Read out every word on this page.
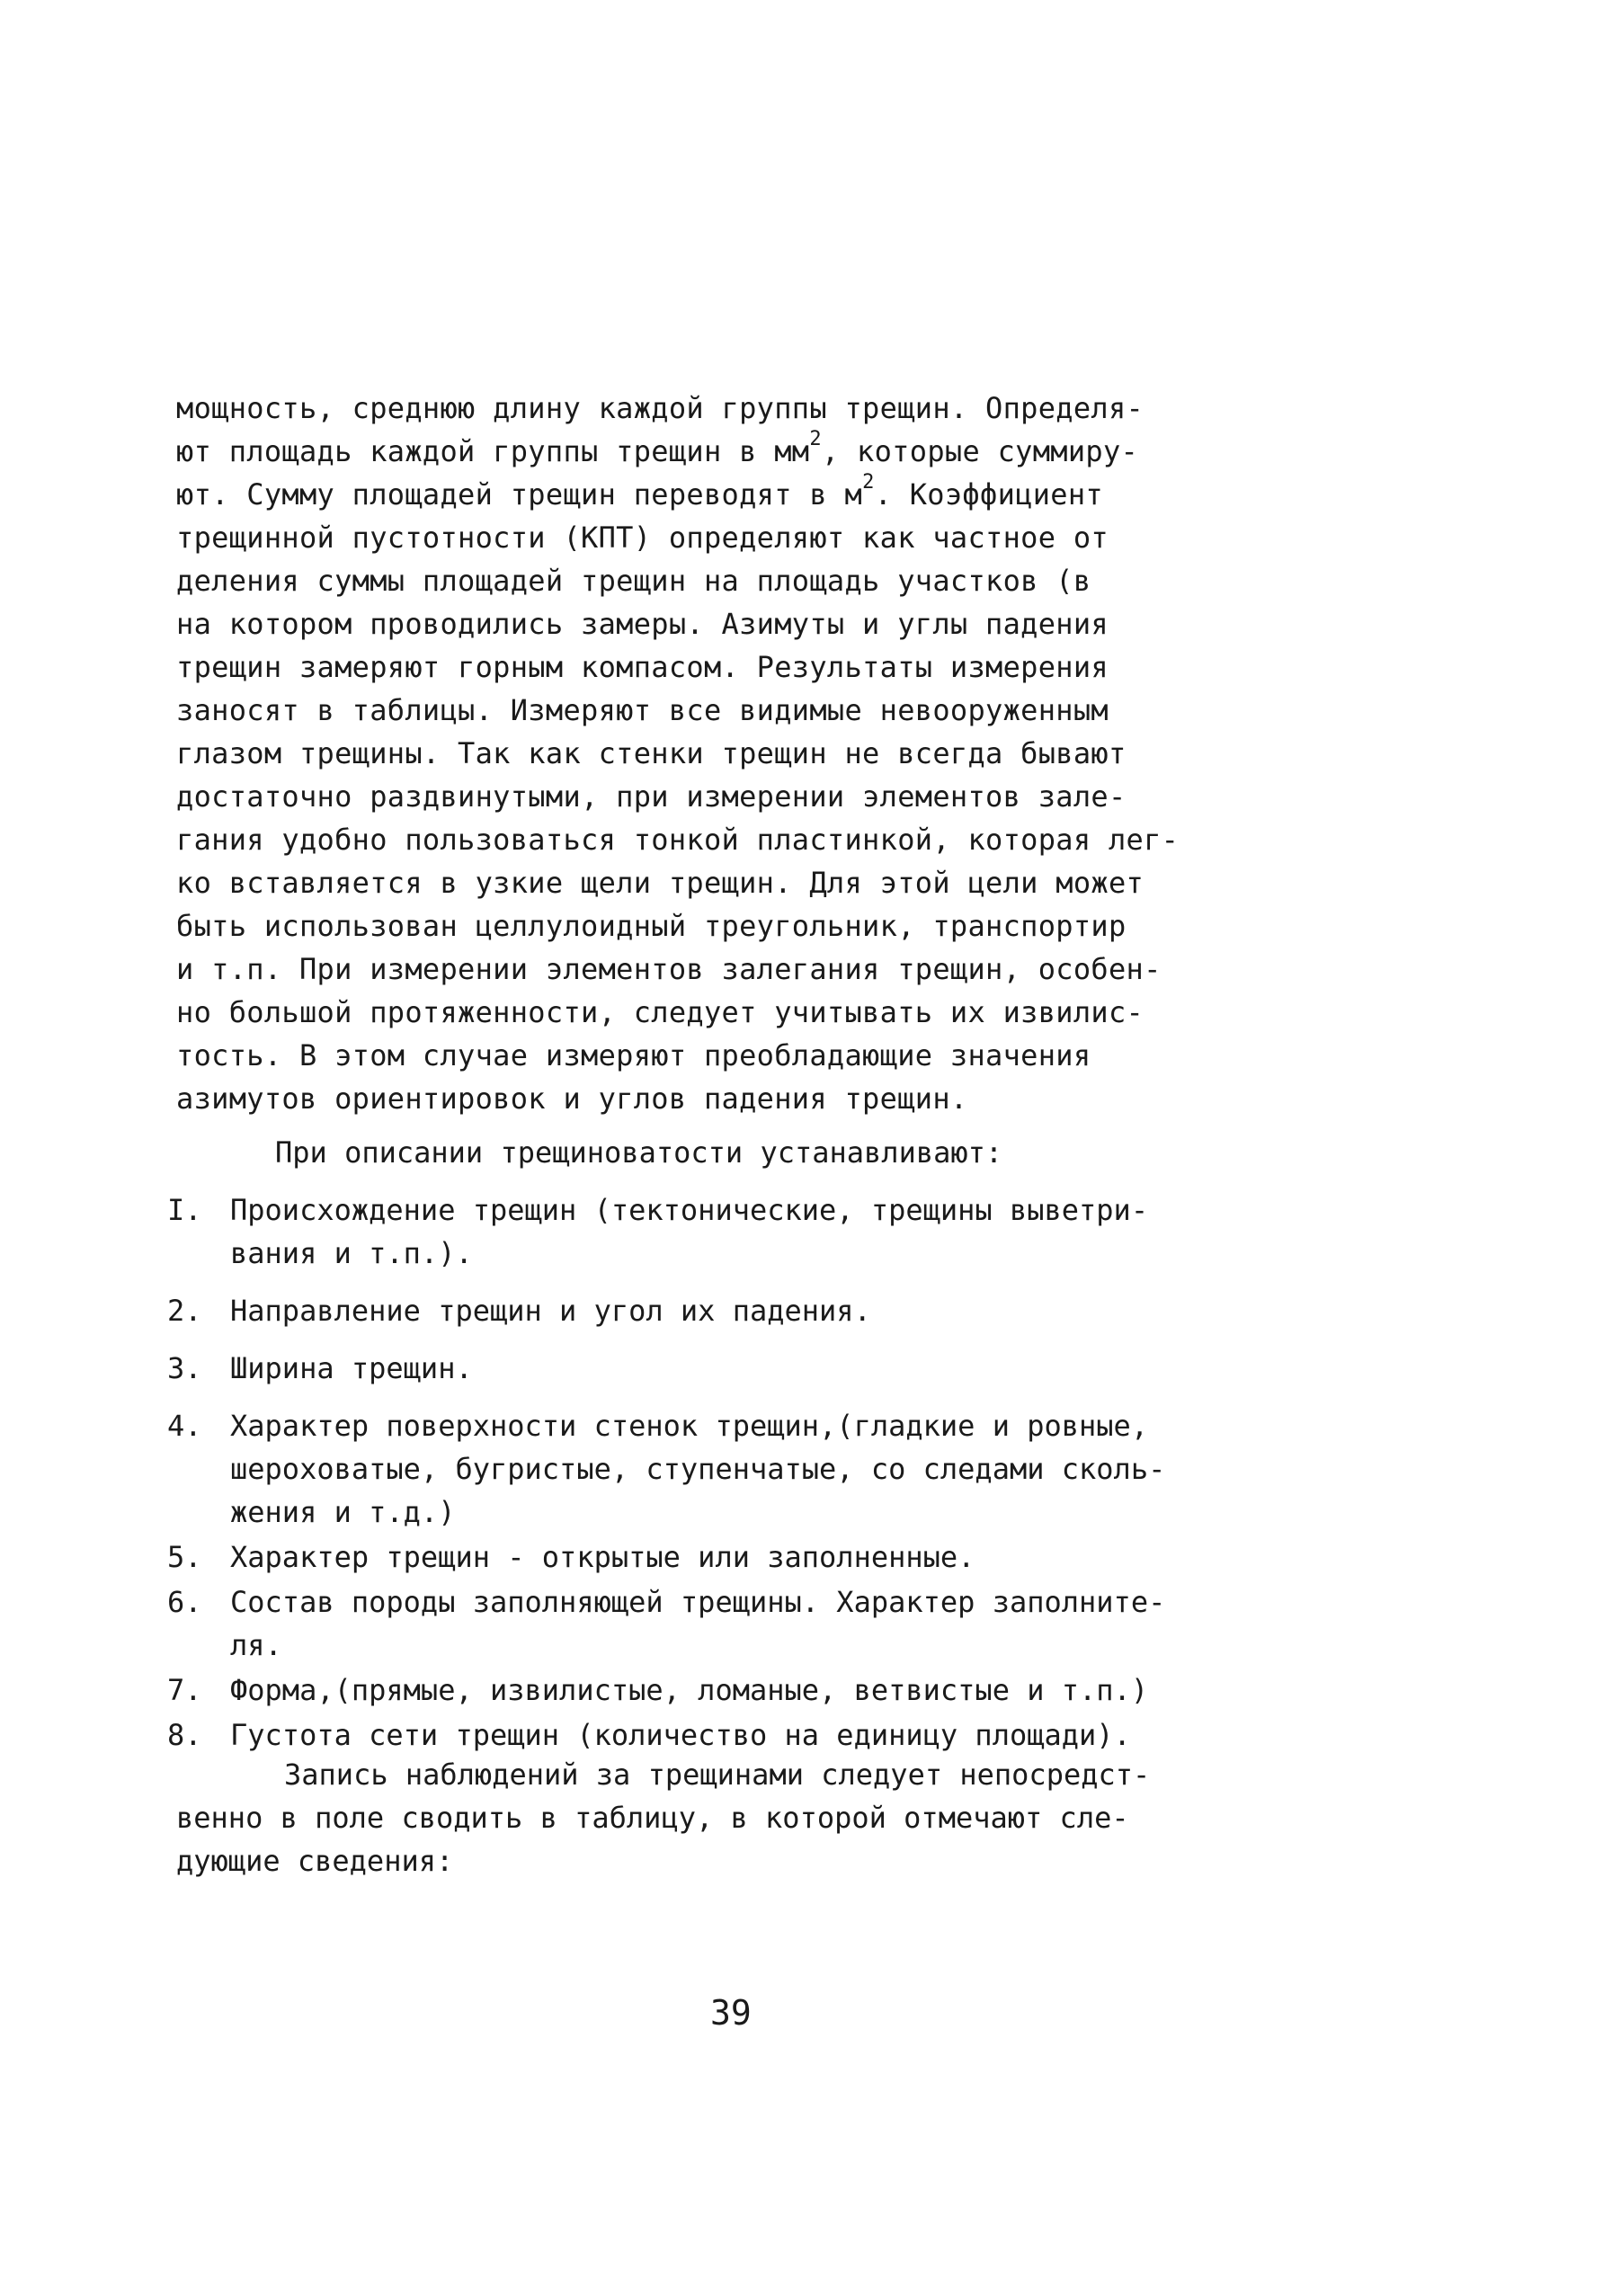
мощность, среднюю длину каждой группы трещин. Определя-
ют площадь каждой группы трещин в $мм^2$, которые суммиру-
ют. Сумму площадей трещин переводят в $м^2$. Коэффициент
трещинной пустотности (КПТ) определяют как частное от
деления суммы площадей трещин на площадь участков (в
на котором проводились замеры. Азимуты и углы падения
трещин замеряют горным компасом. Результаты измерения
заносят в таблицы. Измеряют все видимые невооруженным
глазом трещины. Так как стенки трещин не всегда бывают
достаточно раздвинутыми, при измерении элементов зале-
гания удобно пользоваться тонкой пластинкой, которая лег-
ко вставляется в узкие щели трещин. Для этой цели может
быть использован целлулоидный треугольник, транспортир
и т.п. При измерении элементов залегания трещин, особен-
но большой протяженности, следует учитывать их извилис-
тость. В этом случае измеряют преобладающие значения
азимутов ориентировок и углов падения трещин.
При описании трещиноватости устанавливают:
I. Происхождение трещин (тектонические, трещины выветри-
вания и т.п.).
2. Направление трещин и угол их падения.
3. Ширина трещин.
4. Характер поверхности стенок трещин,(гладкие и ровные,
шероховатые, бугристые, ступенчатые, со следами сколь-
жения и т.д.)
5. Характер трещин - открытые или заполненные.
6. Состав породы заполняющей трещины. Характер заполните-
ля.
7. Форма,(прямые, извилистые, ломаные, ветвистые и т.п.)
8. Густота сети трещин (количество на единицу площади).
Запись наблюдений за трещинами следует непосредст-
венно в поле сводить в таблицу, в которой отмечают сле-
дующие сведения:
39
